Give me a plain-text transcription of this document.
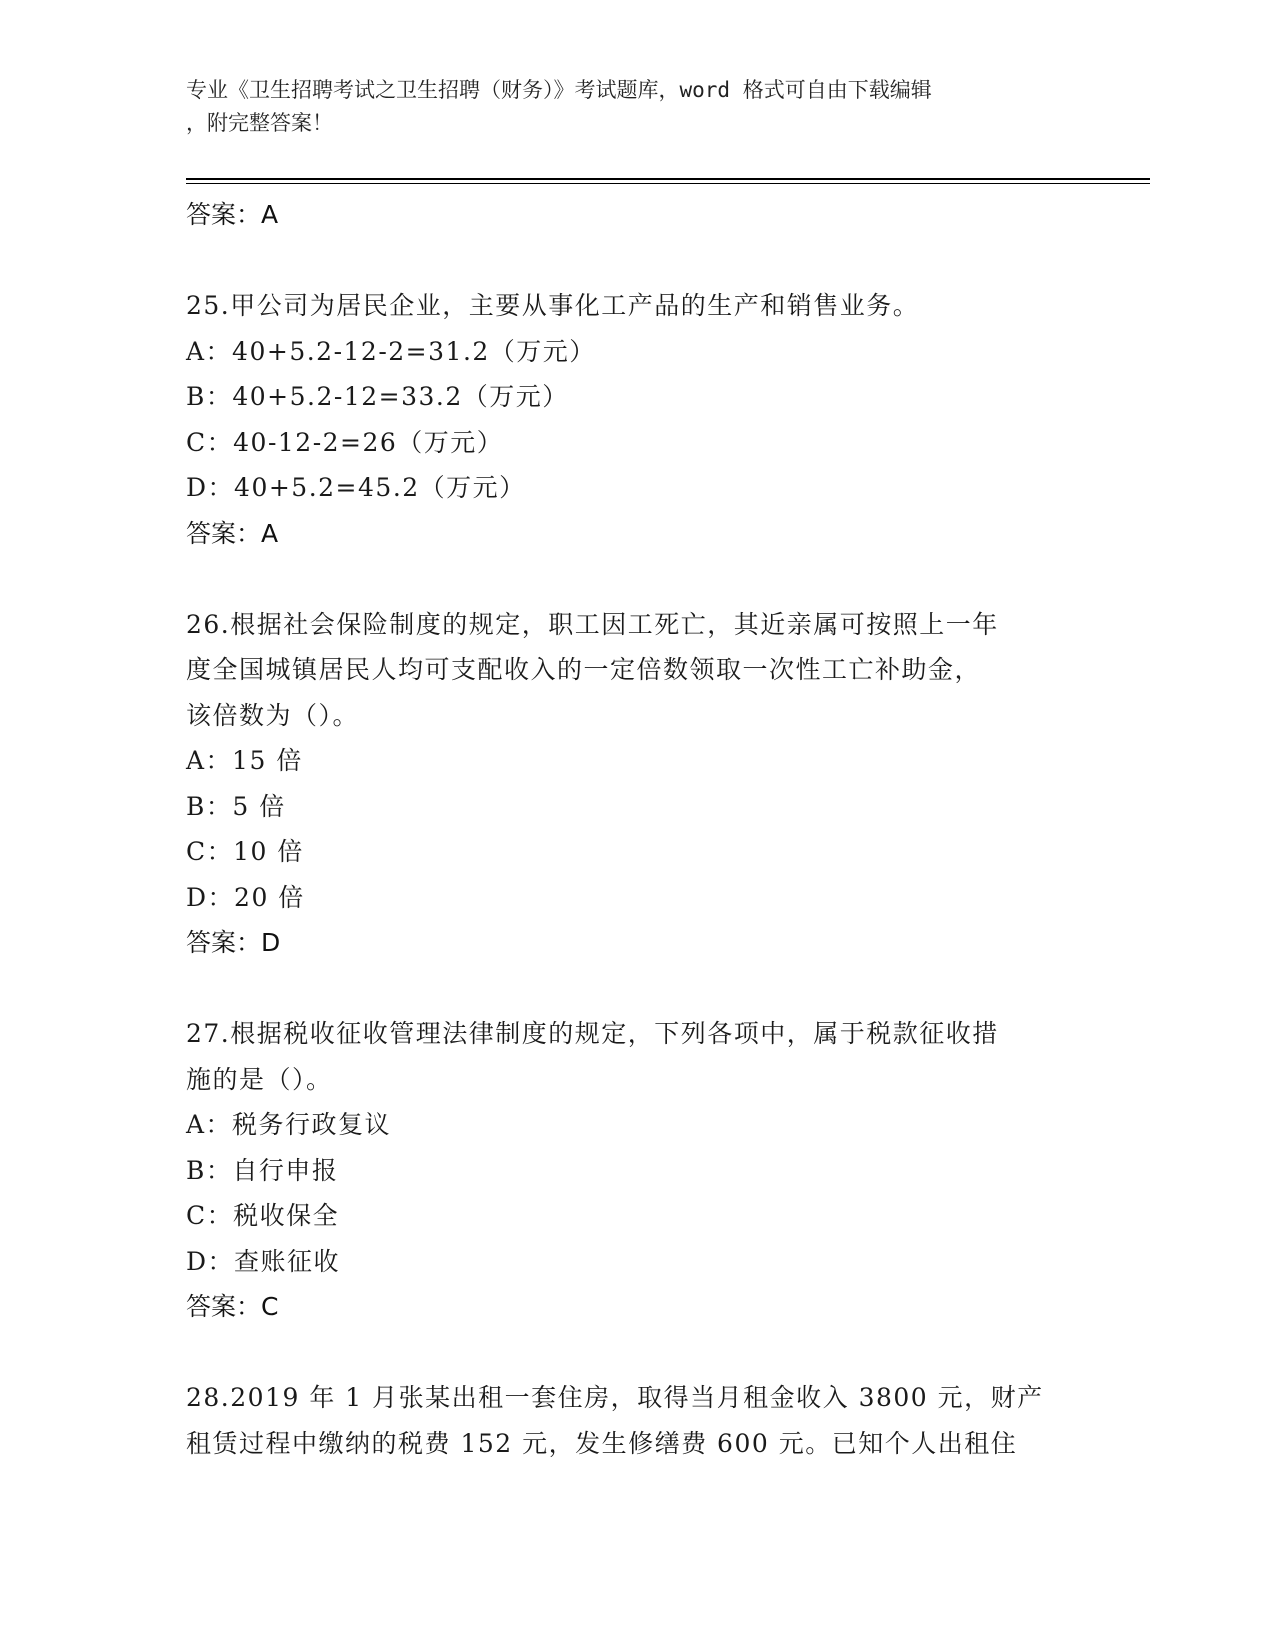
专业《卫生招聘考试之卫生招聘（财务）》考试题库，word 格式可自由下载编辑
，附完整答案！
答案：A
25.甲公司为居民企业，主要从事化工产品的生产和销售业务。
A：40+5.2-12-2=31.2（万元）
B：40+5.2-12=33.2（万元）
C：40-12-2=26（万元）
D：40+5.2=45.2（万元）
答案：A
26.根据社会保险制度的规定，职工因工死亡，其近亲属可按照上一年
度全国城镇居民人均可支配收入的一定倍数领取一次性工亡补助金，
该倍数为（）。
A：15 倍
B：5 倍
C：10 倍
D：20 倍
答案：D
27.根据税收征收管理法律制度的规定，下列各项中，属于税款征收措
施的是（）。
A：税务行政复议
B：自行申报
C：税收保全
D：查账征收
答案：C
28.2019 年 1 月张某出租一套住房，取得当月租金收入 3800 元，财产
租赁过程中缴纳的税费 152 元，发生修缮费 600 元。已知个人出租住
